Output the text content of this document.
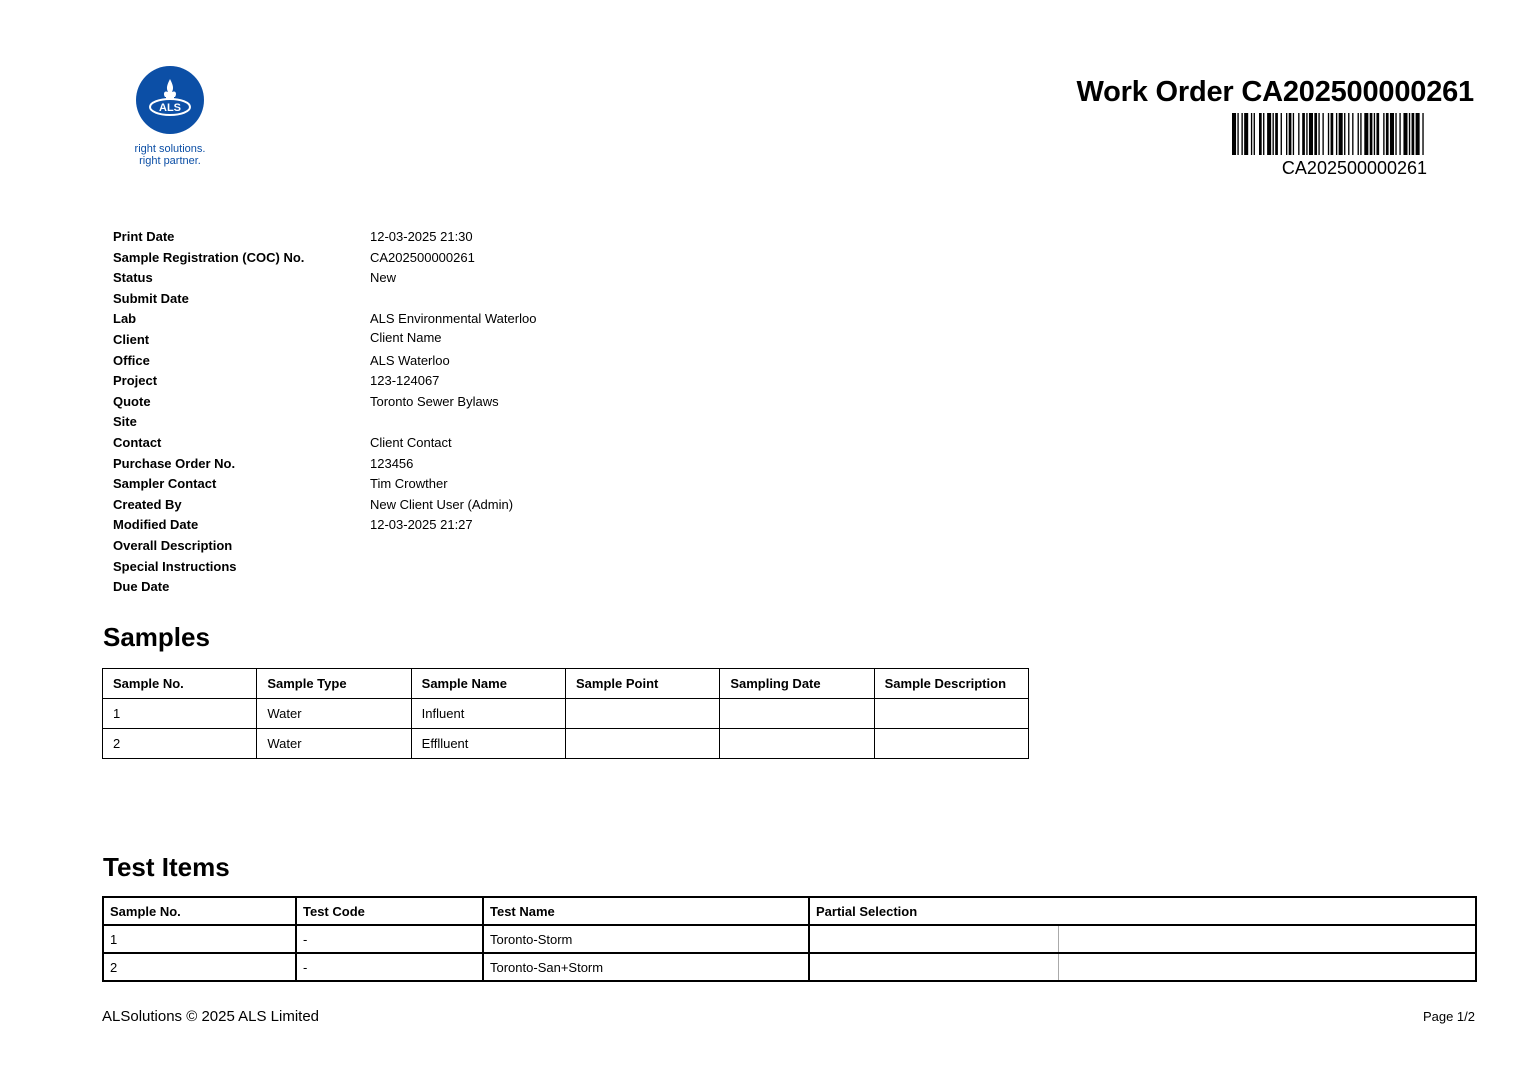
ALS
right solutions.
right partner.
Work Order CA202500000261
CA202500000261
Print Date	12-03-2025 21:30
Sample Registration (COC) No.	CA202500000261
Status	New
Submit Date
Lab	ALS Environmental Waterloo
Client	Client Name
Office	ALS Waterloo
Project	123-124067
Quote	Toronto Sewer Bylaws
Site
Contact	Client Contact
Purchase Order No.	123456
Sampler Contact	Tim Crowther
Created By	New Client User (Admin)
Modified Date	12-03-2025 21:27
Overall Description
Special Instructions
Due Date
Samples
Sample No.	Sample Type	Sample Name	Sample Point	Sampling Date	Sample Description
1	Water	Influent			
2	Water	Efflluent			
Test Items
Sample No.	Test Code	Test Name	Partial Selection	
1	-	Toronto-Storm		
2	-	Toronto-San+Storm		
ALSolutions © 2025 ALS Limited	Page 1/2
